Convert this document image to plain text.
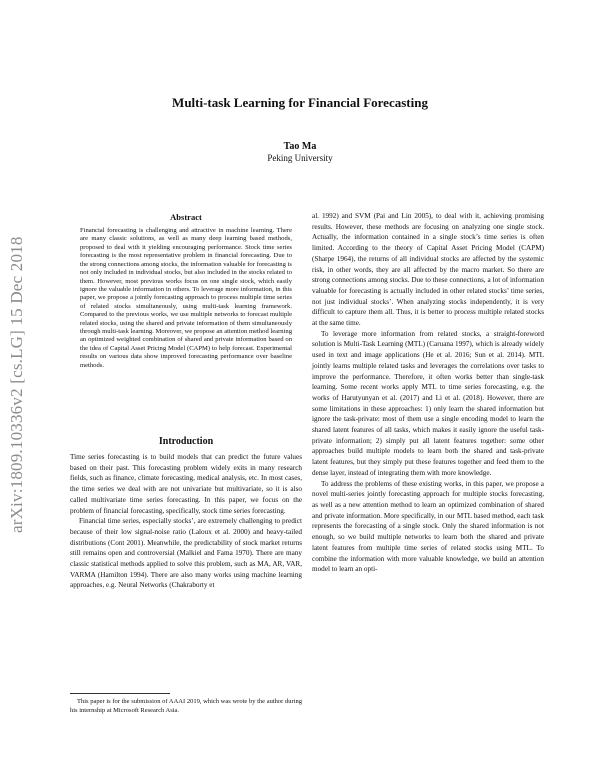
arXiv:1809.10336v2 [cs.LG] 15 Dec 2018
Multi-task Learning for Financial Forecasting
Tao Ma
Peking University
Abstract

Financial forecasting is challenging and attractive in machine learning. There are many classic solutions, as well as many deep learning based methods, proposed to deal with it yielding encouraging performance. Stock time series forecasting is the most representative problem in financial forecasting. Due to the strong connections among stocks, the information valuable for forecasting is not only included in individual stocks, but also included in the stocks related to them. However, most previous works focus on one single stock, which easily ignore the valuable information in others. To leverage more information, in this paper, we propose a jointly forecasting approach to process multiple time series of related stocks simultaneously, using multi-task learning framework. Compared to the previous works, we use multiple networks to forecast multiple related stocks, using the shared and private information of them simultaneously through multi-task learning. Moreover, we propose an attention method learning an optimized weighted combination of shared and private information based on the idea of Capital Asset Pricing Model (CAPM) to help forecast. Experimental results on various data show improved forecasting performance over baseline methods.

Introduction

Time series forecasting is to build models that can predict the future values based on their past. This forecasting problem widely exits in many research fields, such as finance, climate forecasting, medical analysis, etc. In most cases, the time series we deal with are not univariate but multivariate, so it is also called multivariate time series forecasting. In this paper, we focus on the problem of financial forecasting, specifically, stock time series forecasting.

Financial time series, especially stocks’, are extremely challenging to predict because of their low signal-noise ratio (Laloux et al. 2000) and heavy-tailed distributions (Cont 2001). Meanwhile, the predictability of stock market returns still remains open and controversial (Malkiel and Fama 1970). There are many classic statistical methods applied to solve this problem, such as MA, AR, VAR, VARMA (Hamilton 1994). There are also many works using machine learning approaches, e.g. Neural Networks (Chakraborty et

al. 1992) and SVM (Pai and Lin 2005), to deal with it, achieving promising results. However, these methods are focusing on analyzing one single stock. Actually, the information contained in a single stock’s time series is often limited. According to the theory of Capital Asset Pricing Model (CAPM) (Sharpe 1964), the returns of all individual stocks are affected by the systemic risk, in other words, they are all affected by the macro market. So there are strong connections among stocks. Due to these connections, a lot of information valuable for forecasting is actually included in other related stocks’ time series, not just individual stocks’. When analyzing stocks independently, it is very difficult to capture them all. Thus, it is better to process multiple related stocks at the same time.

To leverage more information from related stocks, a straight-foreword solution is Multi-Task Learning (MTL) (Caruana 1997), which is already widely used in text and image applications (He et al. 2016; Sun et al. 2014). MTL jointly learns multiple related tasks and leverages the correlations over tasks to improve the performance. Therefore, it often works better than single-task learning. Some recent works apply MTL to time series forecasting, e.g. the works of Harutyunyan et al. (2017) and Li et al. (2018). However, there are some limitations in these approaches: 1) only learn the shared information but ignore the task-private: most of them use a single encoding model to learn the shared latent features of all tasks, which makes it easily ignore the useful task-private information; 2) simply put all latent features together: some other approaches build multiple models to learn both the shared and task-private latent features, but they simply put these features together and feed them to the dense layer, instead of integrating them with more knowledge.

To address the problems of these existing works, in this paper, we propose a novel multi-series jointly forecasting approach for multiple stocks forecasting, as well as a new attention method to learn an optimized combination of shared and private information. More specifically, in our MTL based method, each task represents the forecasting of a single stock. Only the shared information is not enough, so we build multiple networks to learn both the shared and private latent features from multiple time series of related stocks using MTL. To combine the information with more valuable knowledge, we build an attention model to learn an opti-

This paper is for the submission of AAAI 2019, which was wrote by the author during his internship at Microsoft Research Asia.
